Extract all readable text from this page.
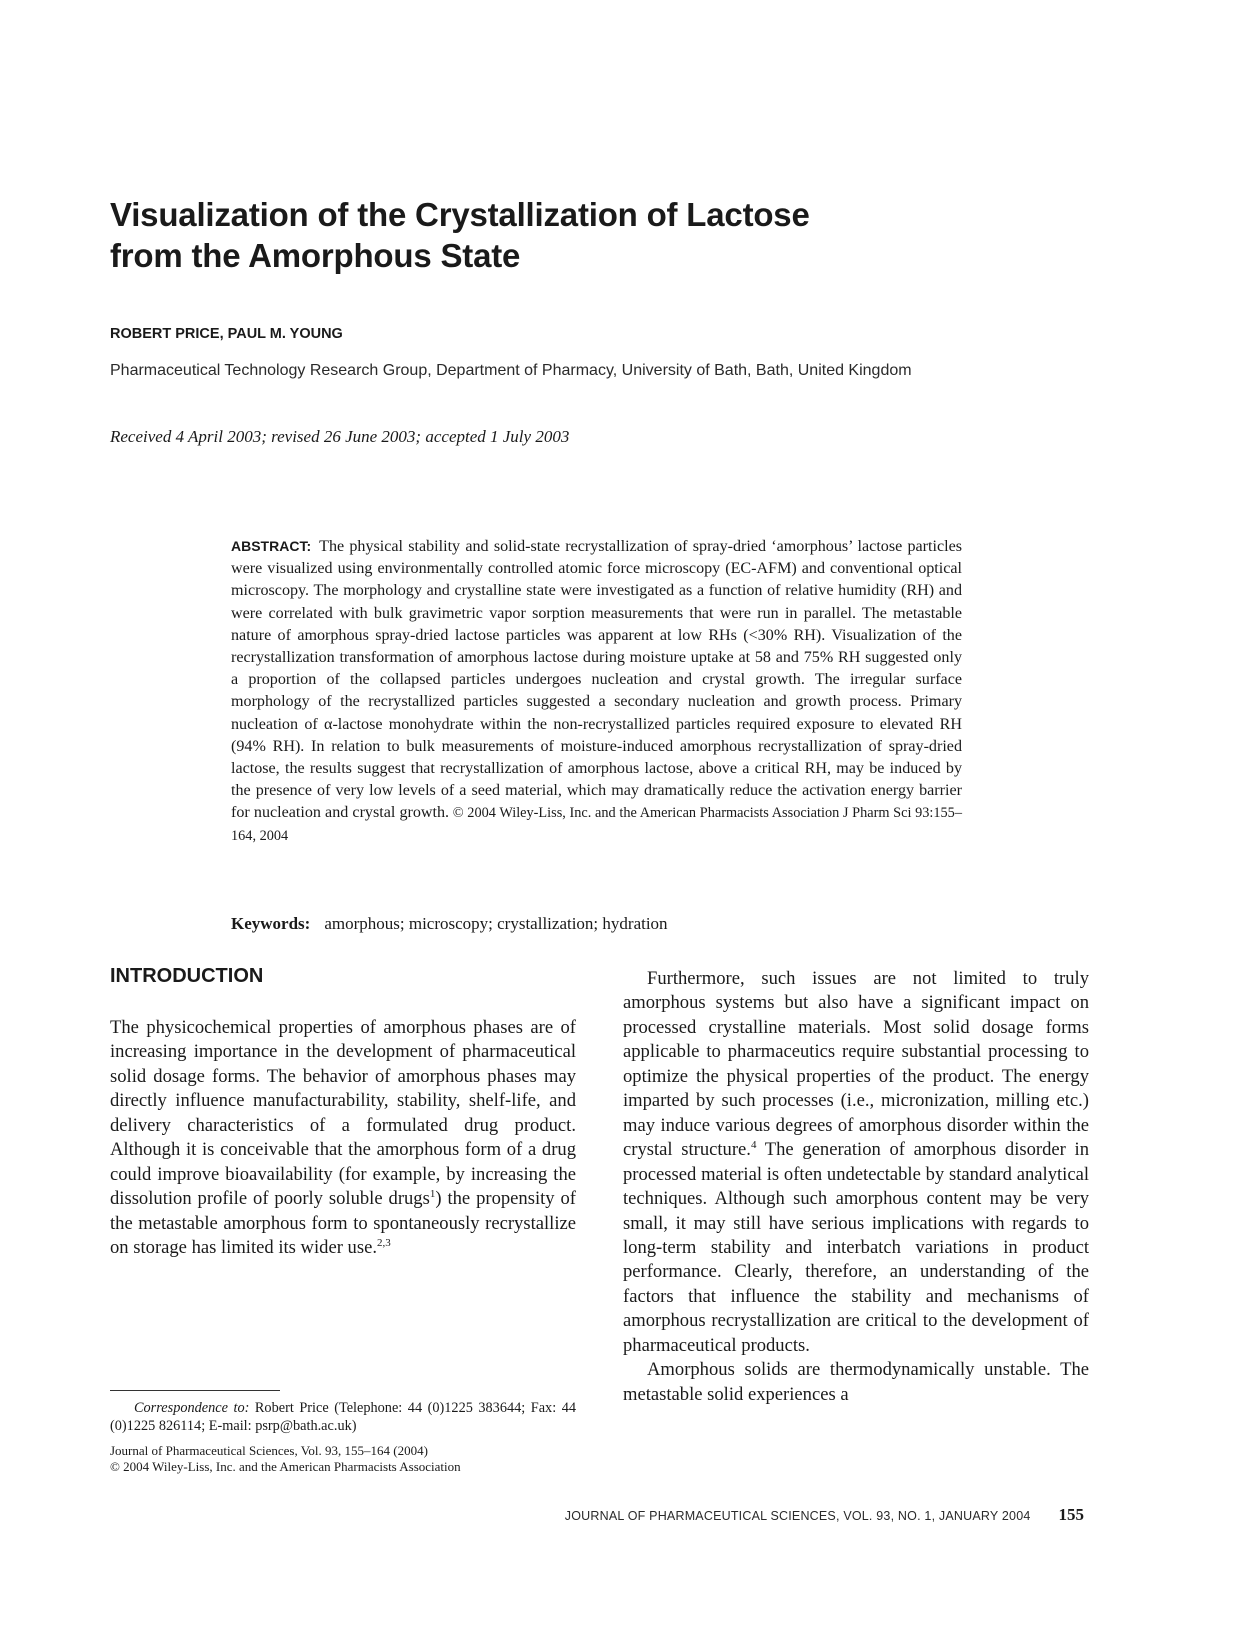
Visualization of the Crystallization of Lactose
from the Amorphous State
ROBERT PRICE, PAUL M. YOUNG
Pharmaceutical Technology Research Group, Department of Pharmacy, University of Bath, Bath, United Kingdom
Received 4 April 2003; revised 26 June 2003; accepted 1 July 2003
ABSTRACT: The physical stability and solid-state recrystallization of spray-dried ‘amorphous’ lactose particles were visualized using environmentally controlled atomic force microscopy (EC-AFM) and conventional optical microscopy. The morphology and crystalline state were investigated as a function of relative humidity (RH) and were correlated with bulk gravimetric vapor sorption measurements that were run in parallel. The metastable nature of amorphous spray-dried lactose particles was apparent at low RHs (<30% RH). Visualization of the recrystallization transformation of amorphous lactose during moisture uptake at 58 and 75% RH suggested only a proportion of the collapsed particles undergoes nucleation and crystal growth. The irregular surface morphology of the recrystallized particles suggested a secondary nucleation and growth process. Primary nucleation of α-lactose monohydrate within the non-recrystallized particles required exposure to elevated RH (94% RH). In relation to bulk measurements of moisture-induced amorphous recrystallization of spray-dried lactose, the results suggest that recrystallization of amorphous lactose, above a critical RH, may be induced by the presence of very low levels of a seed material, which may dramatically reduce the activation energy barrier for nucleation and crystal growth. © 2004 Wiley-Liss, Inc. and the American Pharmacists Association J Pharm Sci 93:155–164, 2004
Keywords: amorphous; microscopy; crystallization; hydration
INTRODUCTION

The physicochemical properties of amorphous phases are of increasing importance in the development of pharmaceutical solid dosage forms. The behavior of amorphous phases may directly influence manufacturability, stability, shelf-life, and delivery characteristics of a formulated drug product. Although it is conceivable that the amorphous form of a drug could improve bioavailability (for example, by increasing the dissolution profile of poorly soluble drugs$^1$) the propensity of the metastable amorphous form to spontaneously recrystallize on storage has limited its wider use.$^{2,3}$

Furthermore, such issues are not limited to truly amorphous systems but also have a significant impact on processed crystalline materials. Most solid dosage forms applicable to pharmaceutics require substantial processing to optimize the physical properties of the product. The energy imparted by such processes (i.e., micronization, milling etc.) may induce various degrees of amorphous disorder within the crystal structure.$^4$ The generation of amorphous disorder in processed material is often undetectable by standard analytical techniques. Although such amorphous content may be very small, it may still have serious implications with regards to long-term stability and interbatch variations in product performance. Clearly, therefore, an understanding of the factors that influence the stability and mechanisms of amorphous recrystallization are critical to the development of pharmaceutical products.

Amorphous solids are thermodynamically unstable. The metastable solid experiences a

Correspondence to: Robert Price (Telephone: 44 (0)1225 383644; Fax: 44 (0)1225 826114; E-mail: psrp@bath.ac.uk)
Journal of Pharmaceutical Sciences, Vol. 93, 155–164 (2004)
© 2004 Wiley-Liss, Inc. and the American Pharmacists Association
JOURNAL OF PHARMACEUTICAL SCIENCES, VOL. 93, NO. 1, JANUARY 2004 155
